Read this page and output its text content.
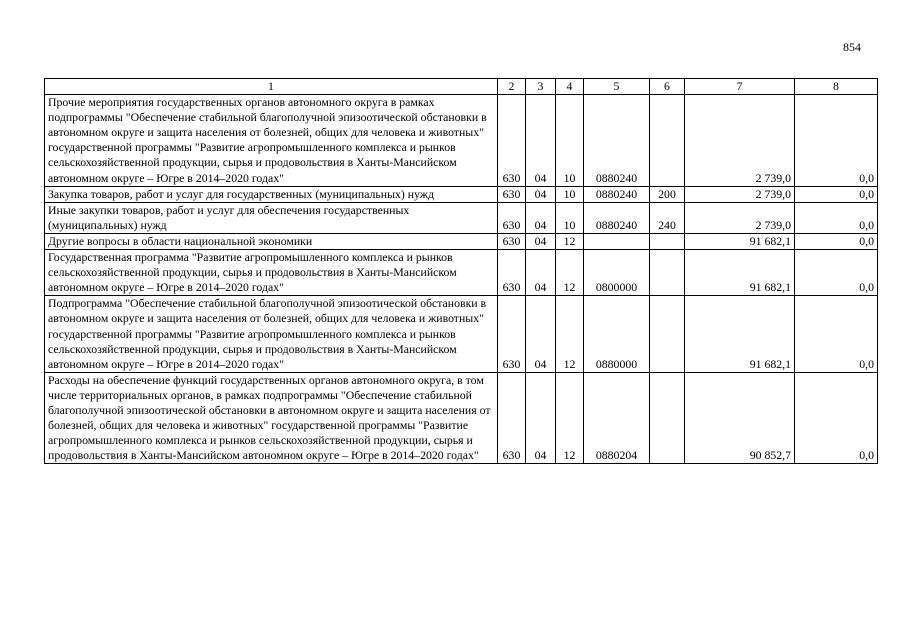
854
1	2	3	4	5	6	7	8
Прочие мероприятия государственных органов автономного округа в рамках подпрограммы "Обеспечение стабильной благополучной эпизоотической обстановки в автономном округе и защита населения от болезней, общих для человека и животных" государственной программы "Развитие агропромышленного комплекса и рынков сельскохозяйственной продукции, сырья и продовольствия в Ханты-Мансийском автономном округе – Югре в 2014–2020 годах"	630	04	10	0880240		2 739,0	0,0
Закупка товаров, работ и услуг для государственных (муниципальных) нужд	630	04	10	0880240	200	2 739,0	0,0
Иные закупки товаров, работ и услуг для обеспечения государственных (муниципальных) нужд	630	04	10	0880240	240	2 739,0	0,0
Другие вопросы в области национальной экономики	630	04	12			91 682,1	0,0
Государственная программа "Развитие агропромышленного комплекса и рынков сельскохозяйственной продукции, сырья и продовольствия в Ханты-Мансийском автономном округе – Югре в 2014–2020 годах"	630	04	12	0800000		91 682,1	0,0
Подпрограмма "Обеспечение стабильной благополучной эпизоотической обстановки в автономном округе и защита населения от болезней, общих для человека и животных" государственной программы "Развитие агропромышленного комплекса и рынков сельскохозяйственной продукции, сырья и продовольствия в Ханты-Мансийском автономном округе – Югре в 2014–2020 годах"	630	04	12	0880000		91 682,1	0,0
Расходы на обеспечение функций государственных органов автономного округа, в том числе территориальных органов, в рамках подпрограммы "Обеспечение стабильной благополучной эпизоотической обстановки в автономном округе и защита населения от болезней, общих для человека и животных" государственной программы "Развитие агропромышленного комплекса и рынков сельскохозяйственной продукции, сырья и продовольствия в Ханты-Мансийском автономном округе – Югре в 2014–2020 годах"	630	04	12	0880204		90 852,7	0,0
